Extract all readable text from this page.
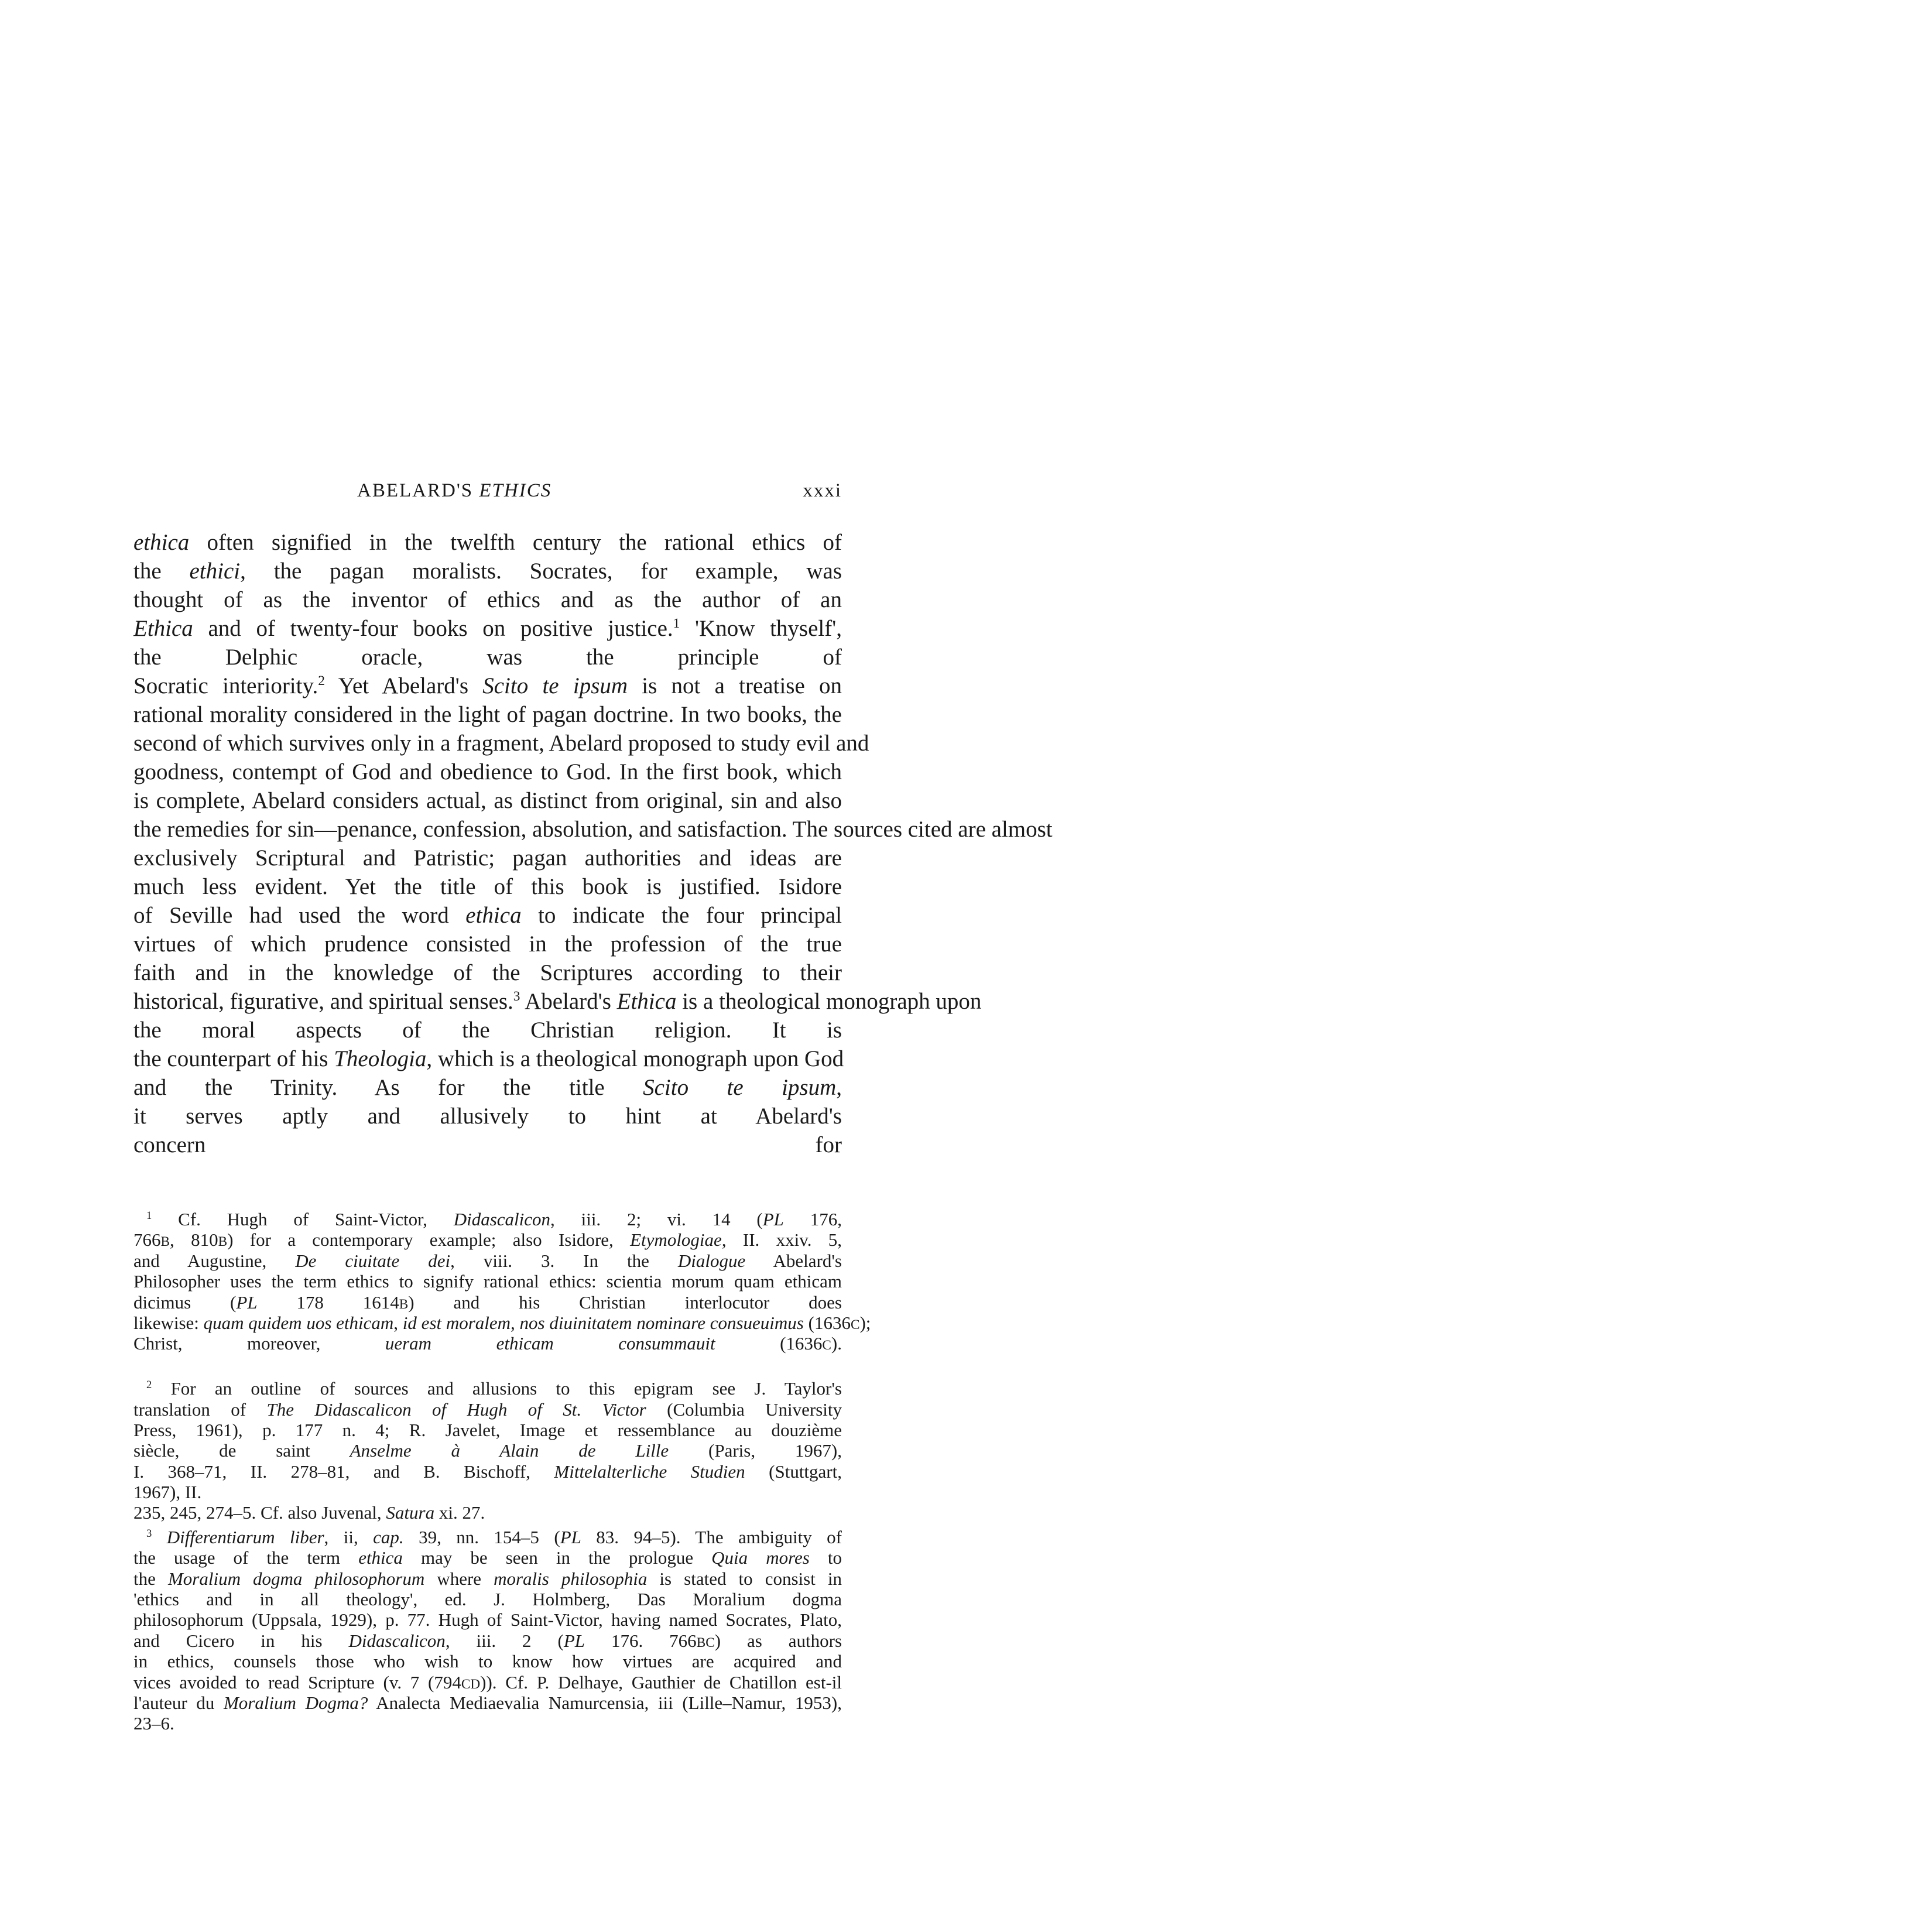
ABELARD'S ETHICS	xxxi
ethica often signified in the twelfth century the rational ethics of
the ethici, the pagan moralists. Socrates, for example, was
thought of as the inventor of ethics and as the author of an
Ethica and of twenty-four books on positive justice.$^1$ 'Know thyself',
the Delphic oracle, was the principle of
Socratic interiority.$^2$ Yet Abelard's Scito te ipsum is not a treatise on
rational morality considered in the light of pagan doctrine. In two books, the
second of which survives only in a fragment, Abelard proposed to study evil and
goodness, contempt of God and obedience to God. In the first book, which
is complete, Abelard considers actual, as distinct from original, sin and also
the remedies for sin—penance, confession, absolution, and satisfaction. The sources cited are almost
exclusively Scriptural and Patristic; pagan authorities and ideas are
much less evident. Yet the title of this book is justified. Isidore
of Seville had used the word ethica to indicate the four principal
virtues of which prudence consisted in the profession of the true
faith and in the knowledge of the Scriptures according to their
historical, figurative, and spiritual senses.$^3$ Abelard's Ethica is a theological monograph upon
the moral aspects of the Christian religion. It is
the counterpart of his Theologia, which is a theological monograph upon God
and the Trinity. As for the title Scito te ipsum,
it serves aptly and allusively to hint at Abelard's
concern for
$^1$ Cf. Hugh of Saint-Victor, Didascalicon, iii. 2; vi. 14 (PL 176,
766B, 810B) for a contemporary example; also Isidore, Etymologiae, II. xxiv. 5,
and Augustine, De ciuitate dei, viii. 3. In the Dialogue Abelard's
Philosopher uses the term ethics to signify rational ethics: scientia morum quam ethicam
dicimus (PL 178 1614B) and his Christian interlocutor does
likewise: quam quidem uos ethicam, id est moralem, nos diuinitatem nominare consueuimus (1636C);
Christ, moreover, ueram ethicam consummauit (1636C).
$^2$ For an outline of sources and allusions to this epigram see J. Taylor's
translation of The Didascalicon of Hugh of St. Victor (Columbia University
Press, 1961), p. 177 n. 4; R. Javelet, Image et ressemblance au douzième
siècle, de saint Anselme à Alain de Lille (Paris, 1967),
I. 368–71, II. 278–81, and B. Bischoff, Mittelalterliche Studien (Stuttgart,
1967), II.
235, 245, 274–5. Cf. also Juvenal, Satura xi. 27.
$^3$ Differentiarum liber, ii, cap. 39, nn. 154–5 (PL 83. 94–5). The ambiguity of
the usage of the term ethica may be seen in the prologue Quia mores to
the Moralium dogma philosophorum where moralis philosophia is stated to consist in
'ethics and in all theology', ed. J. Holmberg, Das Moralium dogma
philosophorum (Uppsala, 1929), p. 77. Hugh of Saint-Victor, having named Socrates, Plato,
and Cicero in his Didascalicon, iii. 2 (PL 176. 766BC) as authors
in ethics, counsels those who wish to know how virtues are acquired and
vices avoided to read Scripture (v. 7 (794CD)). Cf. P. Delhaye, Gauthier de Chatillon est-il
l'auteur du Moralium Dogma? Analecta Mediaevalia Namurcensia, iii (Lille–Namur, 1953),
23–6.
